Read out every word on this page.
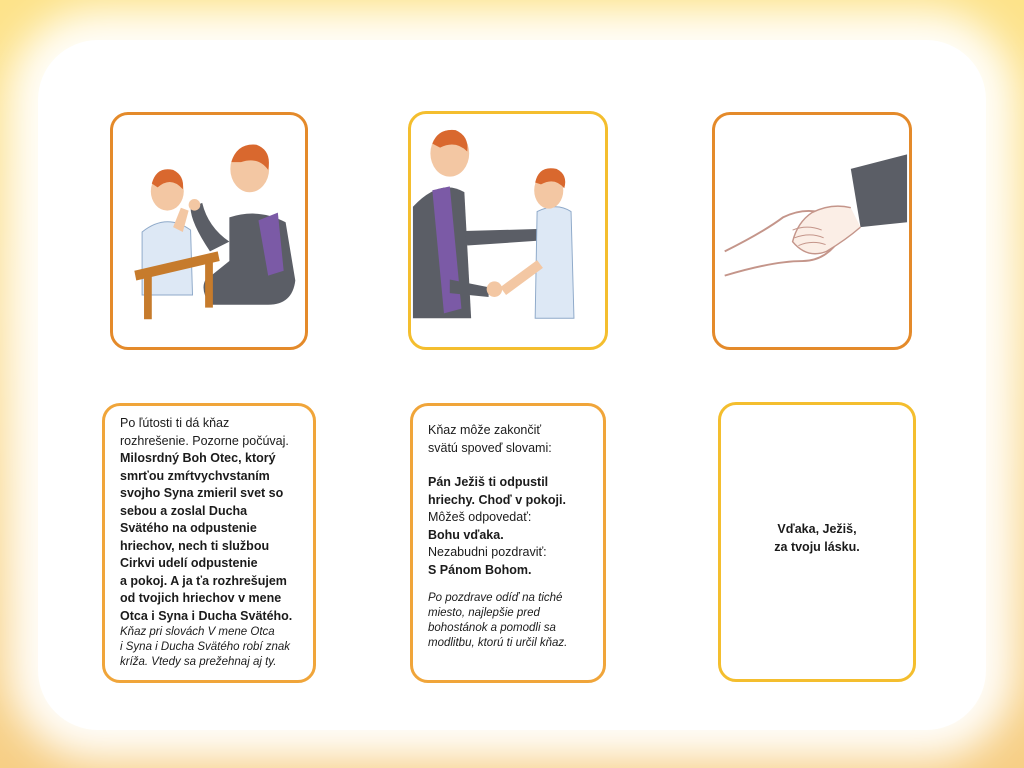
Po ľútosti ti dá kňaz
rozhrešenie. Pozorne počúvaj.
Milosrdný Boh Otec, ktorý
smrťou zmŕtvychvstaním
svojho Syna zmieril svet so
sebou a zoslal Ducha
Svätého na odpustenie
hriechov, nech ti službou
Cirkvi udelí odpustenie
a pokoj. A ja ťa rozhrešujem
od tvojich hriechov v mene
Otca i Syna i Ducha Svätého.
Kňaz pri slovách V mene Otca
i Syna i Ducha Svätého robí znak
kríža. Vtedy sa prežehnaj aj ty.
Kňaz môže zakončiť
svätú spoveď slovami:
Pán Ježiš ti odpustil
hriechy. Choď v pokoji.
Môžeš odpovedať:
Bohu vďaka.
Nezabudni pozdraviť:
S Pánom Bohom.
Po pozdrave odíď na tiché
miesto, najlepšie pred
bohostánok a pomodli sa
modlitbu, ktorú ti určil kňaz.
Vďaka, Ježiš,
za tvoju lásku.
